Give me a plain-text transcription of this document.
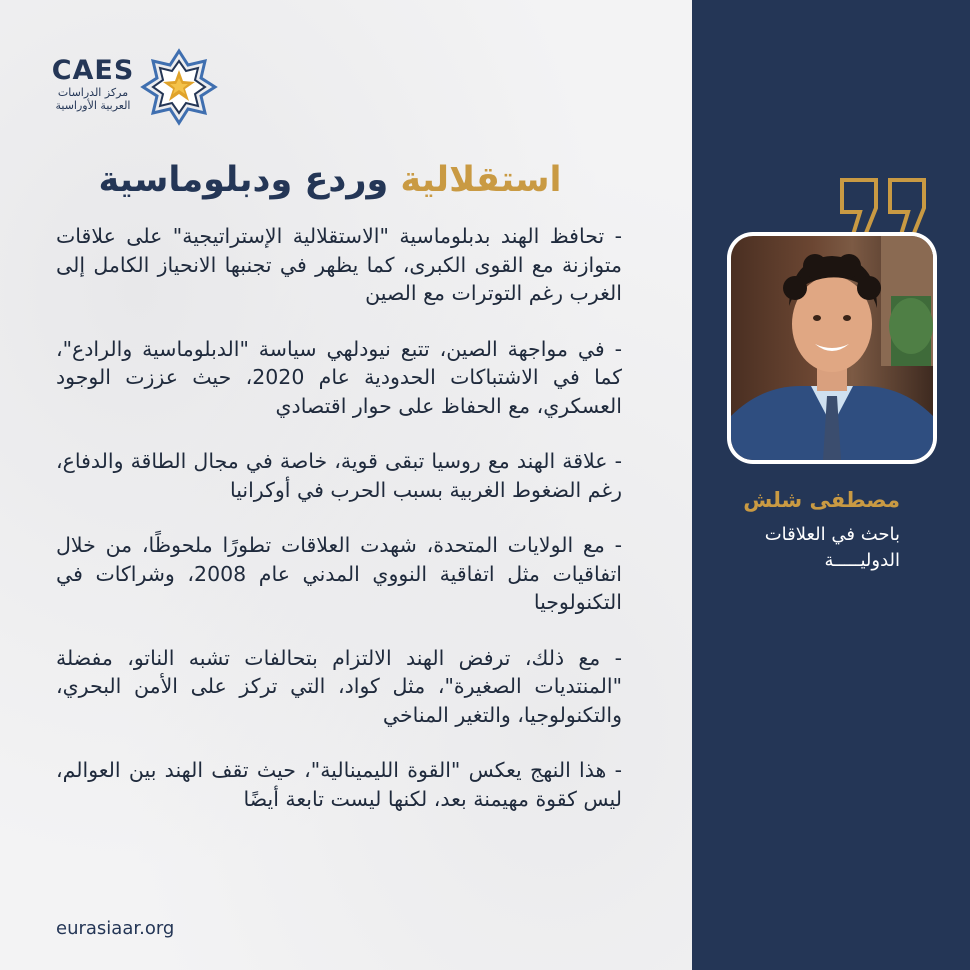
CAES
مركز الدراسات
العربية الأوراسية
استقلالية وردع ودبلوماسية

- تحافظ الهند بدبلوماسية "الاستقلالية الإستراتيجية" على علاقات متوازنة مع القوى الكبرى، كما يظهر في تجنبها الانحياز الكامل إلى الغرب رغم التوترات مع الصين

- في مواجهة الصين، تتبع نيودلهي سياسة "الدبلوماسية والرادع"، كما في الاشتباكات الحدودية عام 2020، حيث عززت الوجود العسكري، مع الحفاظ على حوار اقتصادي

- علاقة الهند مع روسيا تبقى قوية، خاصة في مجال الطاقة والدفاع، رغم الضغوط الغربية بسبب الحرب في أوكرانيا

- مع الولايات المتحدة، شهدت العلاقات تطورًا ملحوظًا، من خلال اتفاقيات مثل اتفاقية النووي المدني عام 2008، وشراكات في التكنولوجيا

- مع ذلك، ترفض الهند الالتزام بتحالفات تشبه الناتو، مفضلة "المنتديات الصغيرة"، مثل كواد، التي تركز على الأمن البحري، والتكنولوجيا، والتغير المناخي

- هذا النهج يعكس "القوة الليمينالية"، حيث تقف الهند بين العوالم، ليس كقوة مهيمنة بعد، لكنها ليست تابعة أيضًا

eurasiaar.org
مصطفى شلش
باحث في العلاقات
الدوليـــــة
